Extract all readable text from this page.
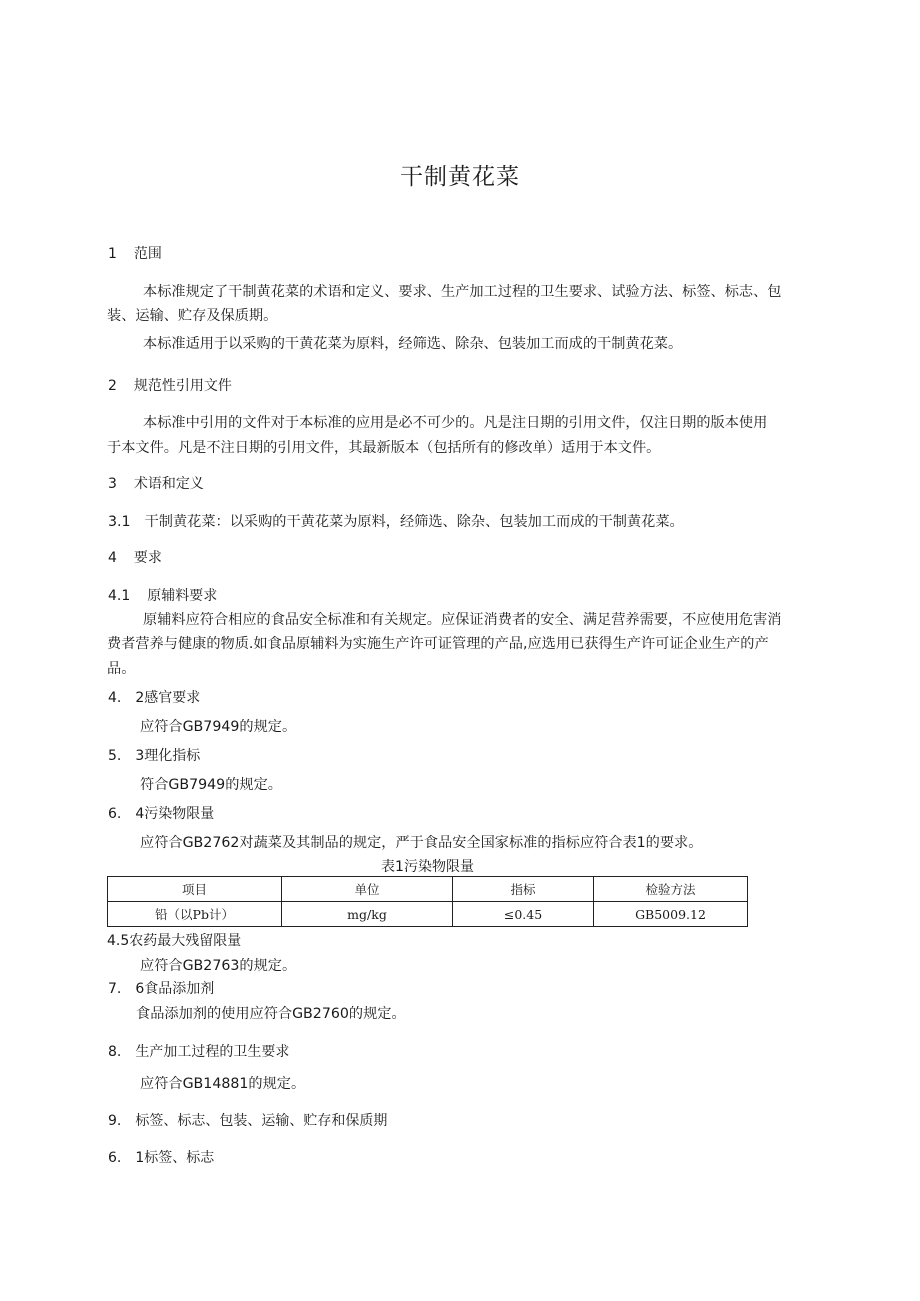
干制黄花菜
1 范围
本标准规定了干制黄花菜的术语和定义、要求、生产加工过程的卫生要求、试验方法、标签、标志、包
装、运输、贮存及保质期。
本标准适用于以采购的干黄花菜为原料，经筛选、除杂、包装加工而成的干制黄花菜。
2 规范性引用文件
本标准中引用的文件对于本标准的应用是必不可少的。凡是注日期的引用文件，仅注日期的版本使用
于本文件。凡是不注日期的引用文件，其最新版本（包括所有的修改单）适用于本文件。
3 术语和定义
3.1 干制黄花菜：以采购的干黄花菜为原料，经筛选、除杂、包装加工而成的干制黄花菜。
4 要求
4.1 原辅料要求
原辅料应符合相应的食品安全标准和有关规定。应保证消费者的安全、满足营养需要，不应使用危害消
费者营养与健康的物质.如食品原辅料为实施生产许可证管理的产品,应选用已获得生产许可证企业生产的产
品。
4.　2感官要求
应符合GB7949的规定。
5.　3理化指标
符合GB7949的规定。
6.　4污染物限量
应符合GB2762对蔬菜及其制品的规定，严于食品安全国家标准的指标应符合表1的要求。
表1污染物限量
项目	单位	指标	检验方法
铅（以Pb计）	mg/kg	≤0.45	GB5009.12
4.5农药最大残留限量
应符合GB2763的规定。
7.　6食品添加剂
食品添加剂的使用应符合GB2760的规定。
8.　生产加工过程的卫生要求
应符合GB14881的规定。
9.　标签、标志、包装、运输、贮存和保质期
6.　1标签、标志
